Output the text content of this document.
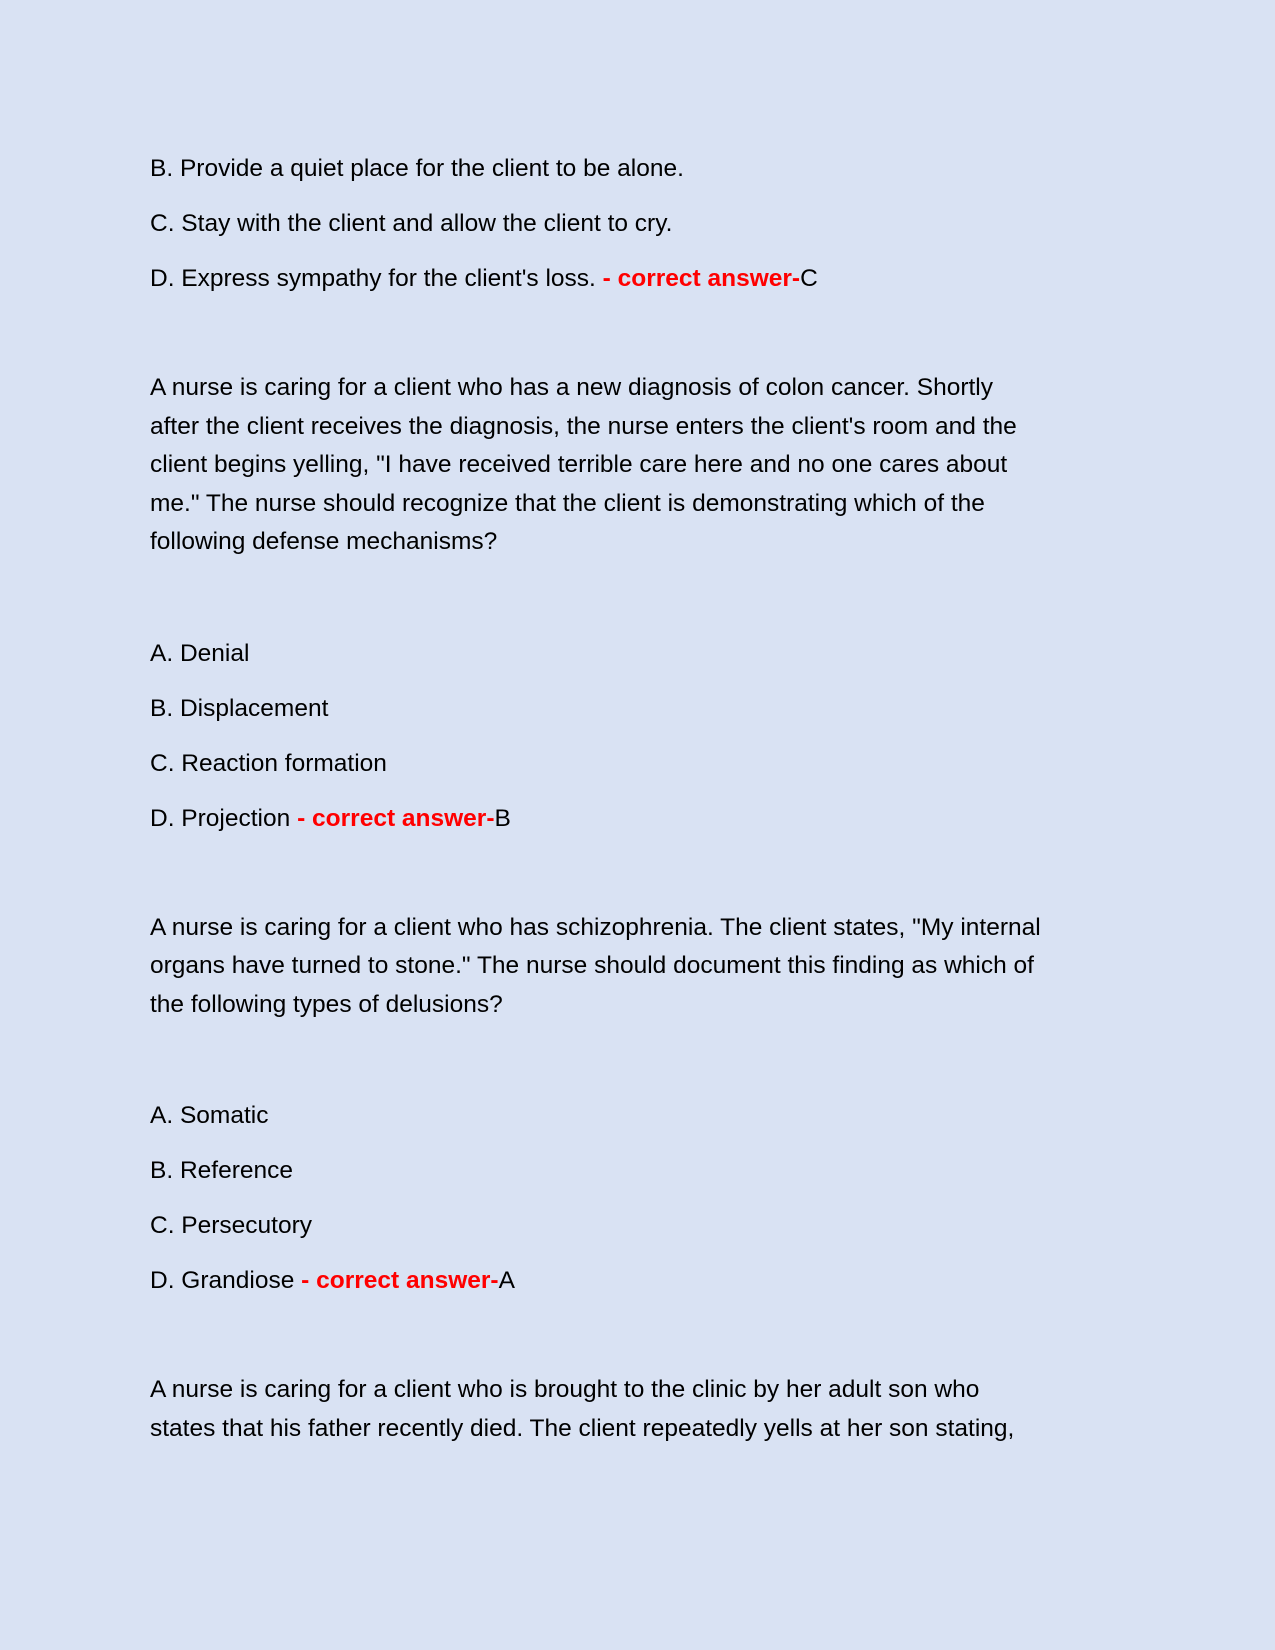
B. Provide a quiet place for the client to be alone.
C. Stay with the client and allow the client to cry.
D. Express sympathy for the client's loss. - correct answer-C
A nurse is caring for a client who has a new diagnosis of colon cancer. Shortly
after the client receives the diagnosis, the nurse enters the client's room and the
client begins yelling, "I have received terrible care here and no one cares about
me." The nurse should recognize that the client is demonstrating which of the
following defense mechanisms?
A. Denial
B. Displacement
C. Reaction formation
D. Projection - correct answer-B
A nurse is caring for a client who has schizophrenia. The client states, "My internal
organs have turned to stone." The nurse should document this finding as which of
the following types of delusions?
A. Somatic
B. Reference
C. Persecutory
D. Grandiose - correct answer-A
A nurse is caring for a client who is brought to the clinic by her adult son who
states that his father recently died. The client repeatedly yells at her son stating,
